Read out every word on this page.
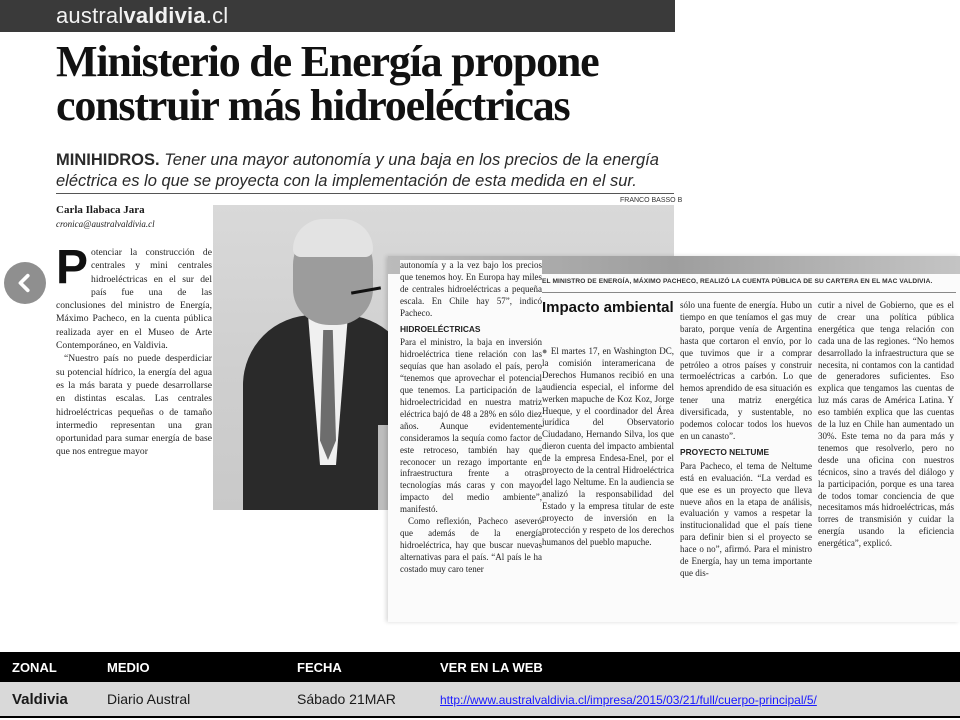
australvaldivia.cl
Ministerio de Energía propone construir más hidroeléctricas
MINIHIDROS. Tener una mayor autonomía y una baja en los precios de la energía eléctrica es lo que se proyecta con la implementación de esta medida en el sur.
Carla Ilabaca Jara
cronica@australvaldivia.cl
FRANCO BASSO B
P otenciar la construcción de centrales y mini centrales hidroeléctricas en el sur del país fue una de las conclusiones del ministro de Energía, Máximo Pacheco, en la cuenta pública realizada ayer en el Museo de Arte Contemporáneo, en Valdivia.

“Nuestro país no puede desperdiciar su potencial hídrico, la energía del agua es la más barata y puede desarrollarse en distintas escalas. Las centrales hidroeléctricas pequeñas o de tamaño intermedio representan una gran oportunidad para sumar energía de base que nos entregue mayor

EL MINISTRO DE ENERGÍA, MÁXIMO PACHECO, REALIZÓ LA CUENTA PÚBLICA DE SU CARTERA EN EL MAC VALDIVIA.

autonomía y a la vez bajo los precios que tenemos hoy. En Europa hay miles de centrales hidroeléctricas a pequeña escala. En Chile hay 57”, indicó Pacheco.

HIDROELÉCTRICAS

Para el ministro, la baja en inversión hidroeléctrica tiene relación con las sequías que han asolado el país, pero “tenemos que aprovechar el potencial que tenemos. La participación de la hidroelectricidad en nuestra matriz eléctrica bajó de 48 a 28% en sólo diez años. Aunque evidentemente consideramos la sequía como factor de este retroceso, también hay que reconocer un rezago importante en infraestructura frente a otras tecnologías más caras y con mayor impacto del medio ambiente”, manifestó.

Como reflexión, Pacheco aseveró que además de la energía hidroeléctrica, hay que buscar nuevas alternativas para el país. “Al país le ha costado muy caro tener

Impacto ambiental

● El martes 17, en Washington DC, la comisión interamericana de Derechos Humanos recibió en una audiencia especial, el informe del werken mapuche de Koz Koz, Jorge Hueque, y el coordinador del Área jurídica del Observatorio Ciudadano, Hernando Silva, los que dieron cuenta del impacto ambiental de la empresa Endesa-Enel, por el proyecto de la central Hidroeléctrica del lago Neltume. En la audiencia se analizó la responsabilidad del Estado y la empresa titular de este proyecto de inversión en la protección y respeto de los derechos humanos del pueblo mapuche.

sólo una fuente de energía. Hubo un tiempo en que teníamos el gas muy barato, porque venía de Argentina hasta que cortaron el envío, por lo que tuvimos que ir a comprar petróleo a otros países y construir termoeléctricas a carbón. Lo que hemos aprendido de esa situación es tener una matriz energética diversificada, y sustentable, no podemos colocar todos los huevos en un canasto”.

PROYECTO NELTUME

Para Pacheco, el tema de Neltume está en evaluación. “La verdad es que ese es un proyecto que lleva nueve años en la etapa de análisis, evaluación y vamos a respetar la institucionalidad que el país tiene para definir bien si el proyecto se hace o no”, afirmó. Para el ministro de Energía, hay un tema importante que dis-

cutir a nivel de Gobierno, que es el de crear una política pública energética que tenga relación con cada una de las regiones. “No hemos desarrollado la infraestructura que se necesita, ni contamos con la cantidad de generadores suficientes. Eso explica que tengamos las cuentas de luz más caras de América Latina. Y eso también explica que las cuentas de la luz en Chile han aumentado un 30%. Este tema no da para más y tenemos que resolverlo, pero no desde una oficina con nuestros técnicos, sino a través del diálogo y la participación, porque es una tarea de todos tomar conciencia de que necesitamos más hidroeléctricas, más torres de transmisión y cuidar la energía usando la eficiencia energética”, explicó.

ZONAL	MEDIO	FECHA	VER EN LA WEB
Valdivia	Diario Austral	Sábado 21MAR	http://www.australvaldivia.cl/impresa/2015/03/21/full/cuerpo-principal/5/
